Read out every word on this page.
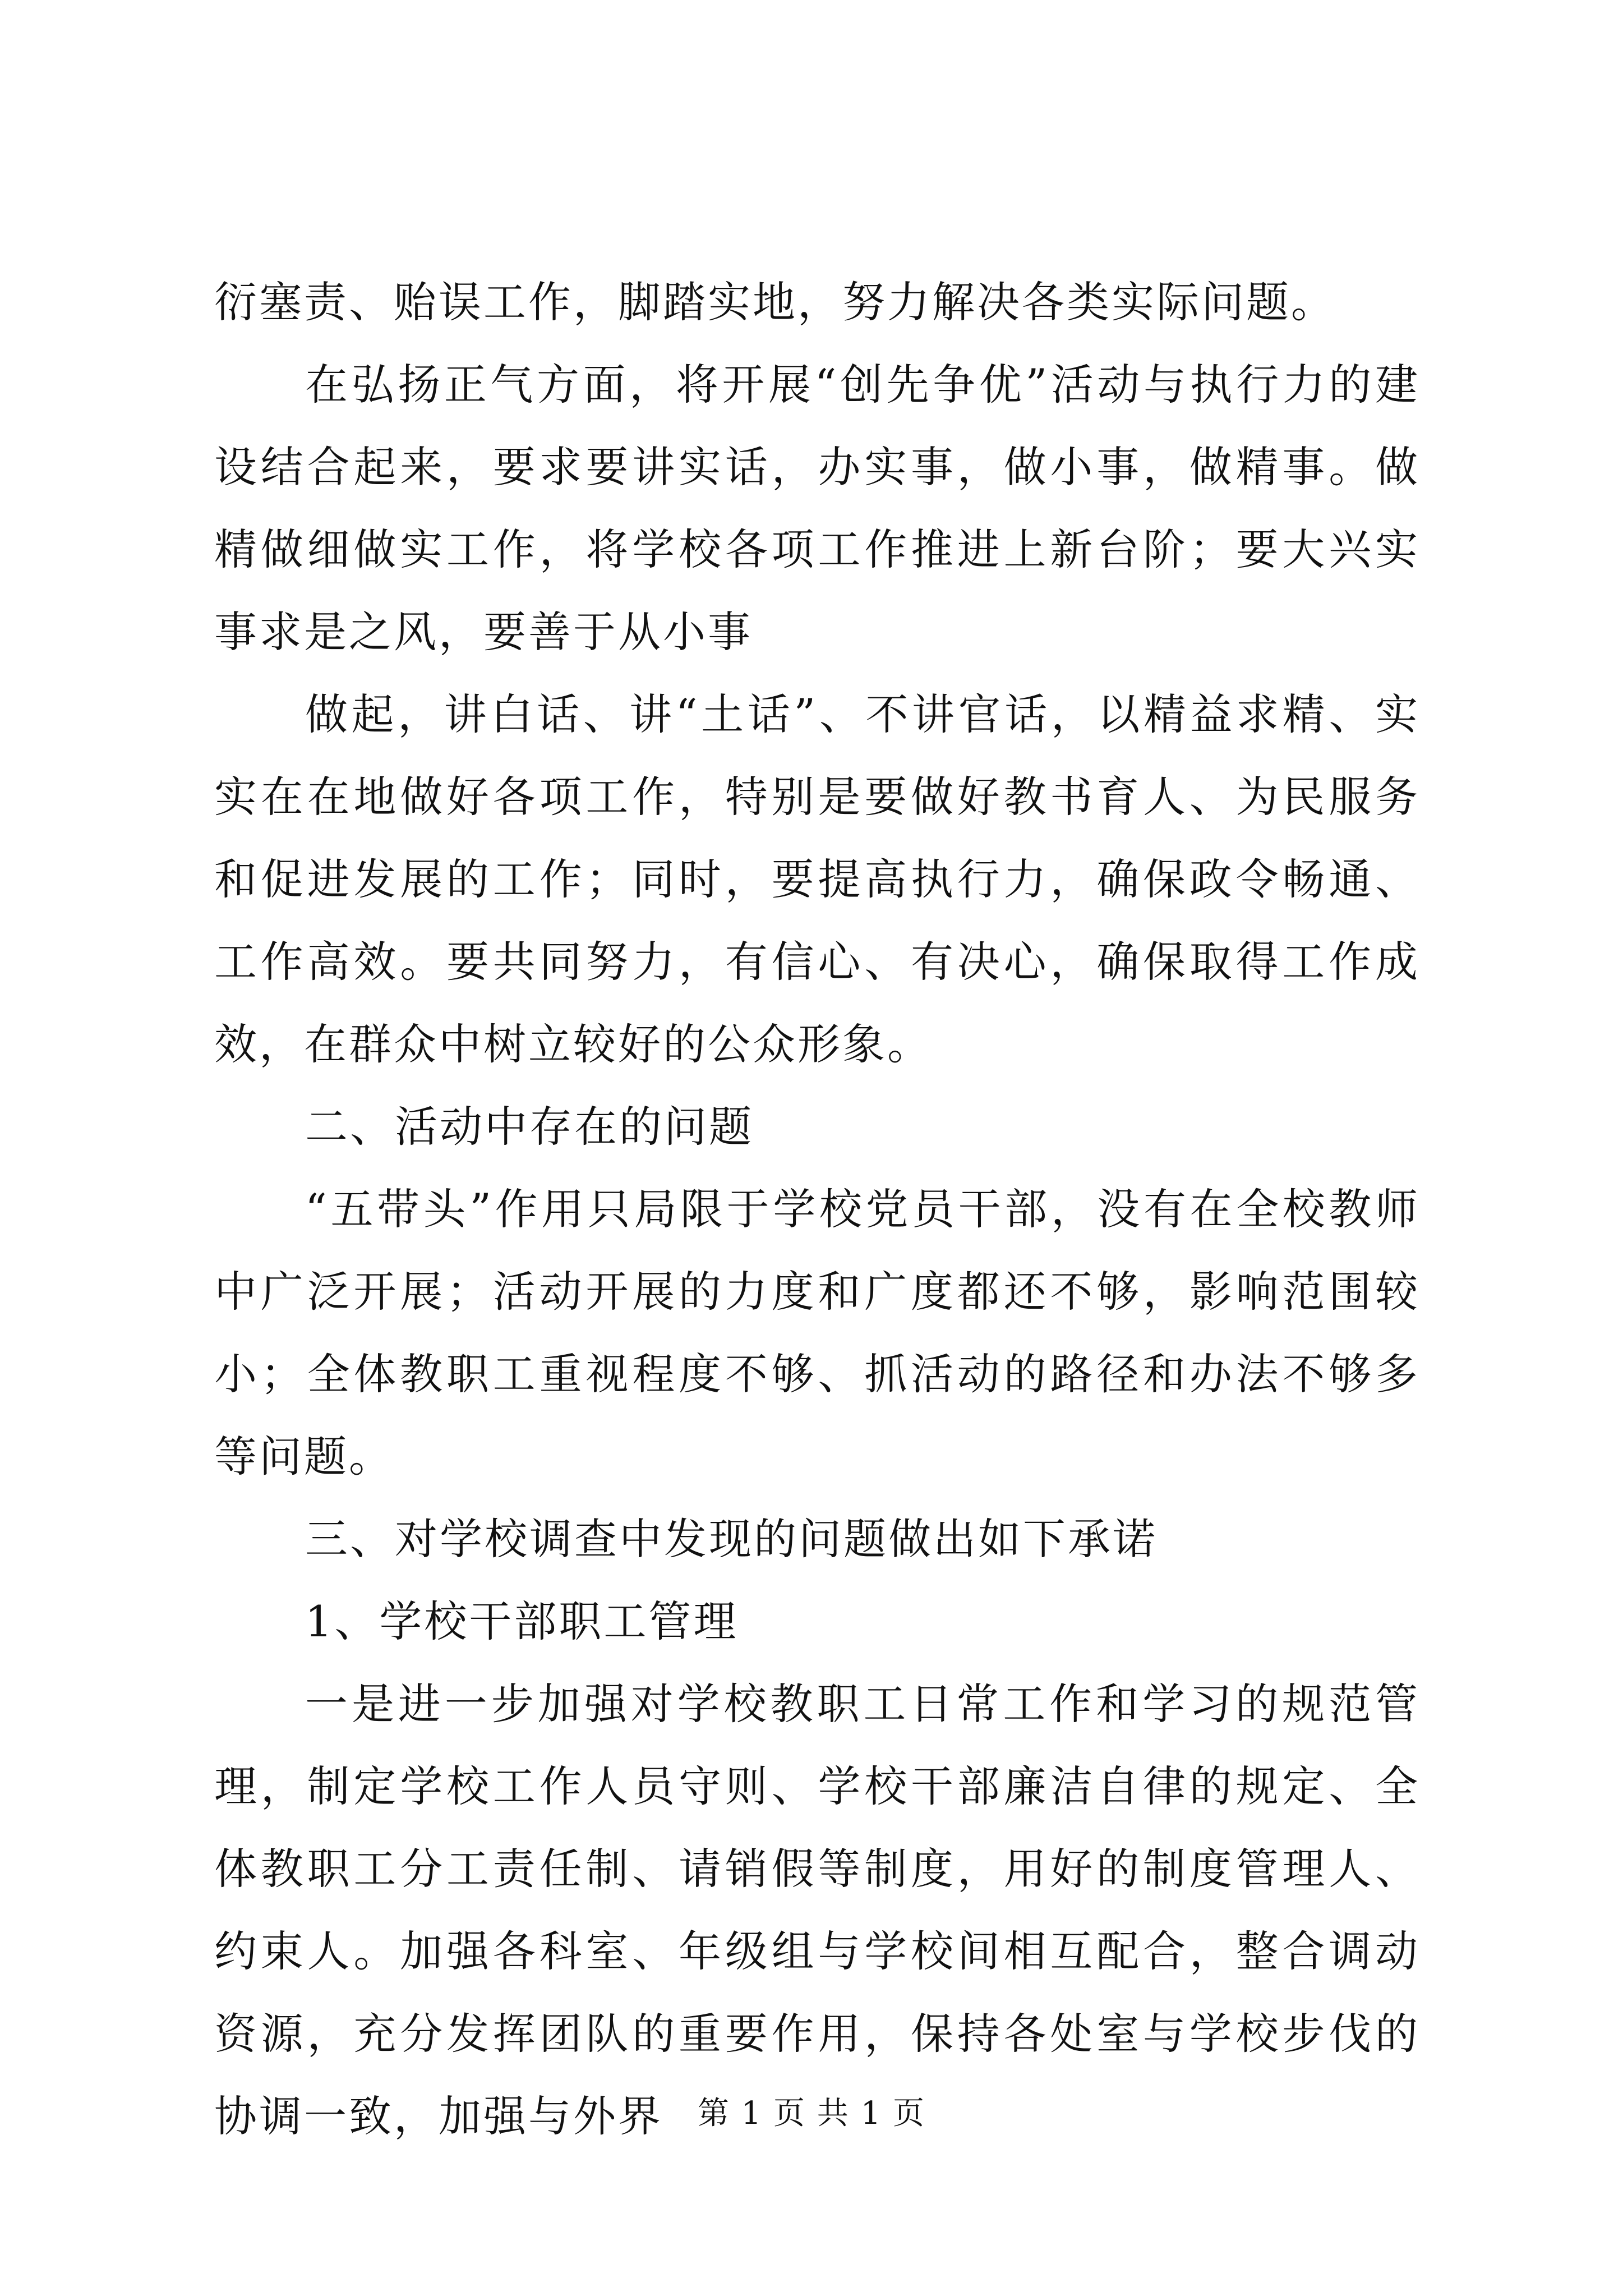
衍塞责、贻误工作，脚踏实地，努力解决各类实际问题。

在弘扬正气方面，将开展“创先争优”活动与执行力的建设结合起来，要求要讲实话，办实事，做小事，做精事。做精做细做实工作，将学校各项工作推进上新台阶；要大兴实事求是之风，要善于从小事

做起，讲白话、讲“土话”、不讲官话，以精益求精、实实在在地做好各项工作，特别是要做好教书育人、为民服务和促进发展的工作；同时，要提高执行力，确保政令畅通、工作高效。要共同努力，有信心、有决心，确保取得工作成效，在群众中树立较好的公众形象。

二、活动中存在的问题

“五带头”作用只局限于学校党员干部，没有在全校教师中广泛开展；活动开展的力度和广度都还不够，影响范围较小；全体教职工重视程度不够、抓活动的路径和办法不够多等问题。

三、对学校调查中发现的问题做出如下承诺

1、学校干部职工管理

一是进一步加强对学校教职工日常工作和学习的规范管理，制定学校工作人员守则、学校干部廉洁自律的规定、全体教职工分工责任制、请销假等制度，用好的制度管理人、约束人。加强各科室、年级组与学校间相互配合，整合调动资源，充分发挥团队的重要作用，保持各处室与学校步伐的协调一致，加强与外界	第 1 页 共 1 页
